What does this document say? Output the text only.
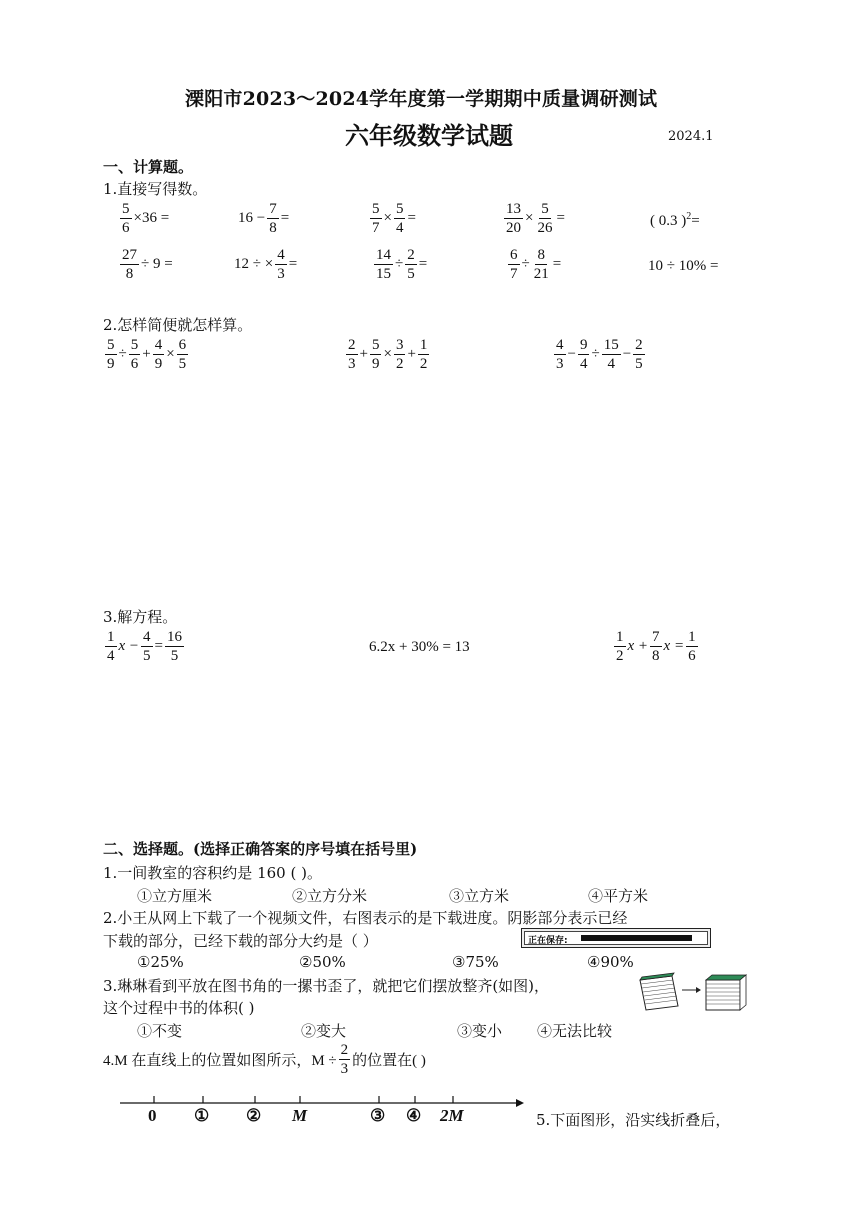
溧阳市2023～2024学年度第一学期期中质量调研测试
六年级数学试题	2024.1
一、计算题。
1.直接写得数。
$\frac{5}{6} \times 36$ =	$16 - \frac{7}{8}$ =	$\frac{5}{7} \times \frac{5}{4}$ =	$\frac{13}{20} \times \frac{5}{26}$ =	( 0.3 )$^2$=
$\frac{27}{8} \div 9$ =	12 ÷ × $\frac{4}{3}$ =	$\frac{14}{15} \div \frac{2}{5}$ =	$\frac{6}{7} \div \frac{8}{21}$ =	10 ÷ 10% =
2.怎样简便就怎样算。
$\frac{5}{9} \div \frac{5}{6} + \frac{4}{9} \times \frac{6}{5}$	$\frac{2}{3} + \frac{5}{9} \times \frac{3}{2} + \frac{1}{2}$	$\frac{4}{3} - \frac{9}{4} \div \frac{15}{4} - \frac{2}{5}$
3.解方程。
$\frac{1}{4}$ $x - \frac{4}{5} = \frac{16}{5}$	6.2x + 30% = 13	$\frac{1}{2}$ $x + \frac{7}{8}$ $x = \frac{1}{6}$
二、选择题。(选择正确答案的序号填在括号里)
1.一间教室的容积约是 160 ( )。
①立方厘米	②立方分米	③立方米	④平方米
2.小王从网上下载了一个视频文件，右图表示的是下载进度。阴影部分表示已经
下载的部分，已经下载的部分大约是（ ）	正在保存:
①25%	②50%	③75%	④90%
3.琳琳看到平放在图书角的一摞书歪了，就把它们摆放整齐(如图)，
这个过程中书的体积( )
①不变	②变大	③变小 ④无法比较
4.M 在直线上的位置如图所示，$M \div \frac{2}{3}$ 的位置在( )
0 ① ② M	③ ④ 2M	5.下面图形，沿实线折叠后，
